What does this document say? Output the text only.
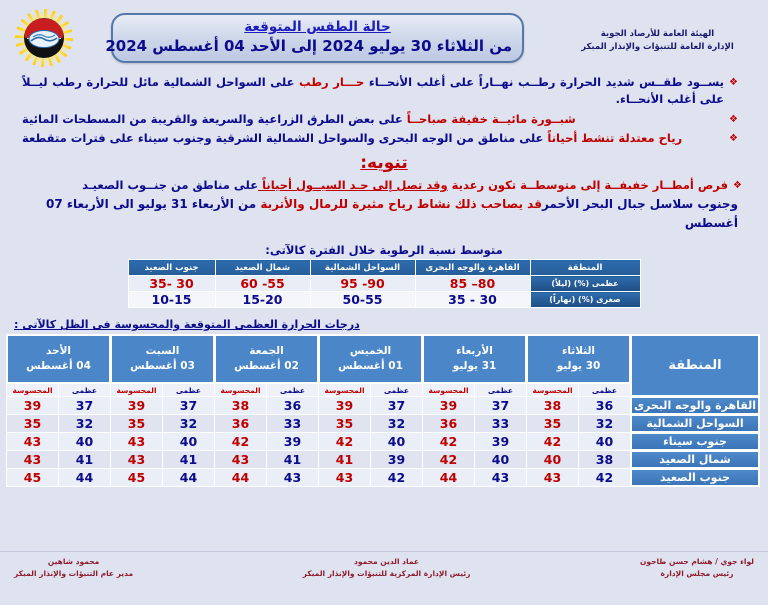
حالة الطقس المتوقعة
من الثلاثاء 30 يوليو 2024 إلى الأحد 04 أغسطس 2024
الهيئة العامة للأرصاد الجوية
الإدارة العامة للتنبؤات والإنذار المبكر
❖
يســود طقــس شديد الحرارة رطــب نهــاراً على أغلب الأنحــاء حـــار رطب على السواحل الشمالية مائل للحرارة رطب ليــلاً على أغلب الأنحــاء.
❖
شبــورة مائيــة خفيفة صباحــاً على بعض الطرق الزراعية والسريعة والقريبة من المسطحات المائية
❖
رياح معتدلة تنشط أحياناً على مناطق من الوجه البحرى والسواحل الشمالية الشرقية وجنوب سيناء على فترات متقطعة
تنويه:
❖
فرص أمطــار خفيفــة إلى متوسطــة تكون رعدية وقد تصل إلى حـد السيــول أحياناً على مناطق من جنــوب الصعيـد
وجنوب سلاسل جبال البحر الأحمرقد يصاحب ذلك نشاط رياح مثيرة للرمال والأتربة من الأربعاء 31 يوليو الى الأربعاء 07 أغسطس
متوسط نسبة الرطوبة خلال الفترة كالآتى:
المنطقة	القاهرة والوجه البحرى	السواحل الشمالية	شمال الصعيد	جنوب الصعيد
عظمى (%) (ليلاً)	80– 85	90- 95	55- 60	30 -35
صغرى (%) (نهاراً)	30 - 35	50-55	15-20	10-15
درجات الحرارة العظمى المتوقعة والمحسوسة فى الظل كالآتى :
المنطقة	
الثلاثاء
30 يوليو

الأربعاء
31 يوليو

الخميس
01 أغسطس

الجمعة
02 أغسطس

السبت
03 أغسطس

الأحد
04 أغسطس

	عظمى	المحسوسة	عظمى	المحسوسة	عظمى	المحسوسة	عظمى	المحسوسة	عظمى	المحسوسة	عظمى	المحسوسة
القاهرة والوجه البحرى	36	38	37	39	37	39	36	38	37	39	37	39
السواحل الشمالية	32	35	33	36	32	35	33	36	32	35	32	35
جنوب سيناء	40	42	39	42	40	42	39	42	40	43	40	43
شمال الصعيد	38	40	40	42	39	41	41	43	41	43	41	43
جنوب الصعيد	42	43	43	44	42	43	43	44	44	45	44	45
محمود شاهين
مدير عام التنبؤات والإنذار المبكر
عماد الدين محمود
رئيس الإدارة المركزية للتنبؤات والإنذار المبكر
لواء جوي / هشام حسن طاحون
رئيس مجلس الإدارة
